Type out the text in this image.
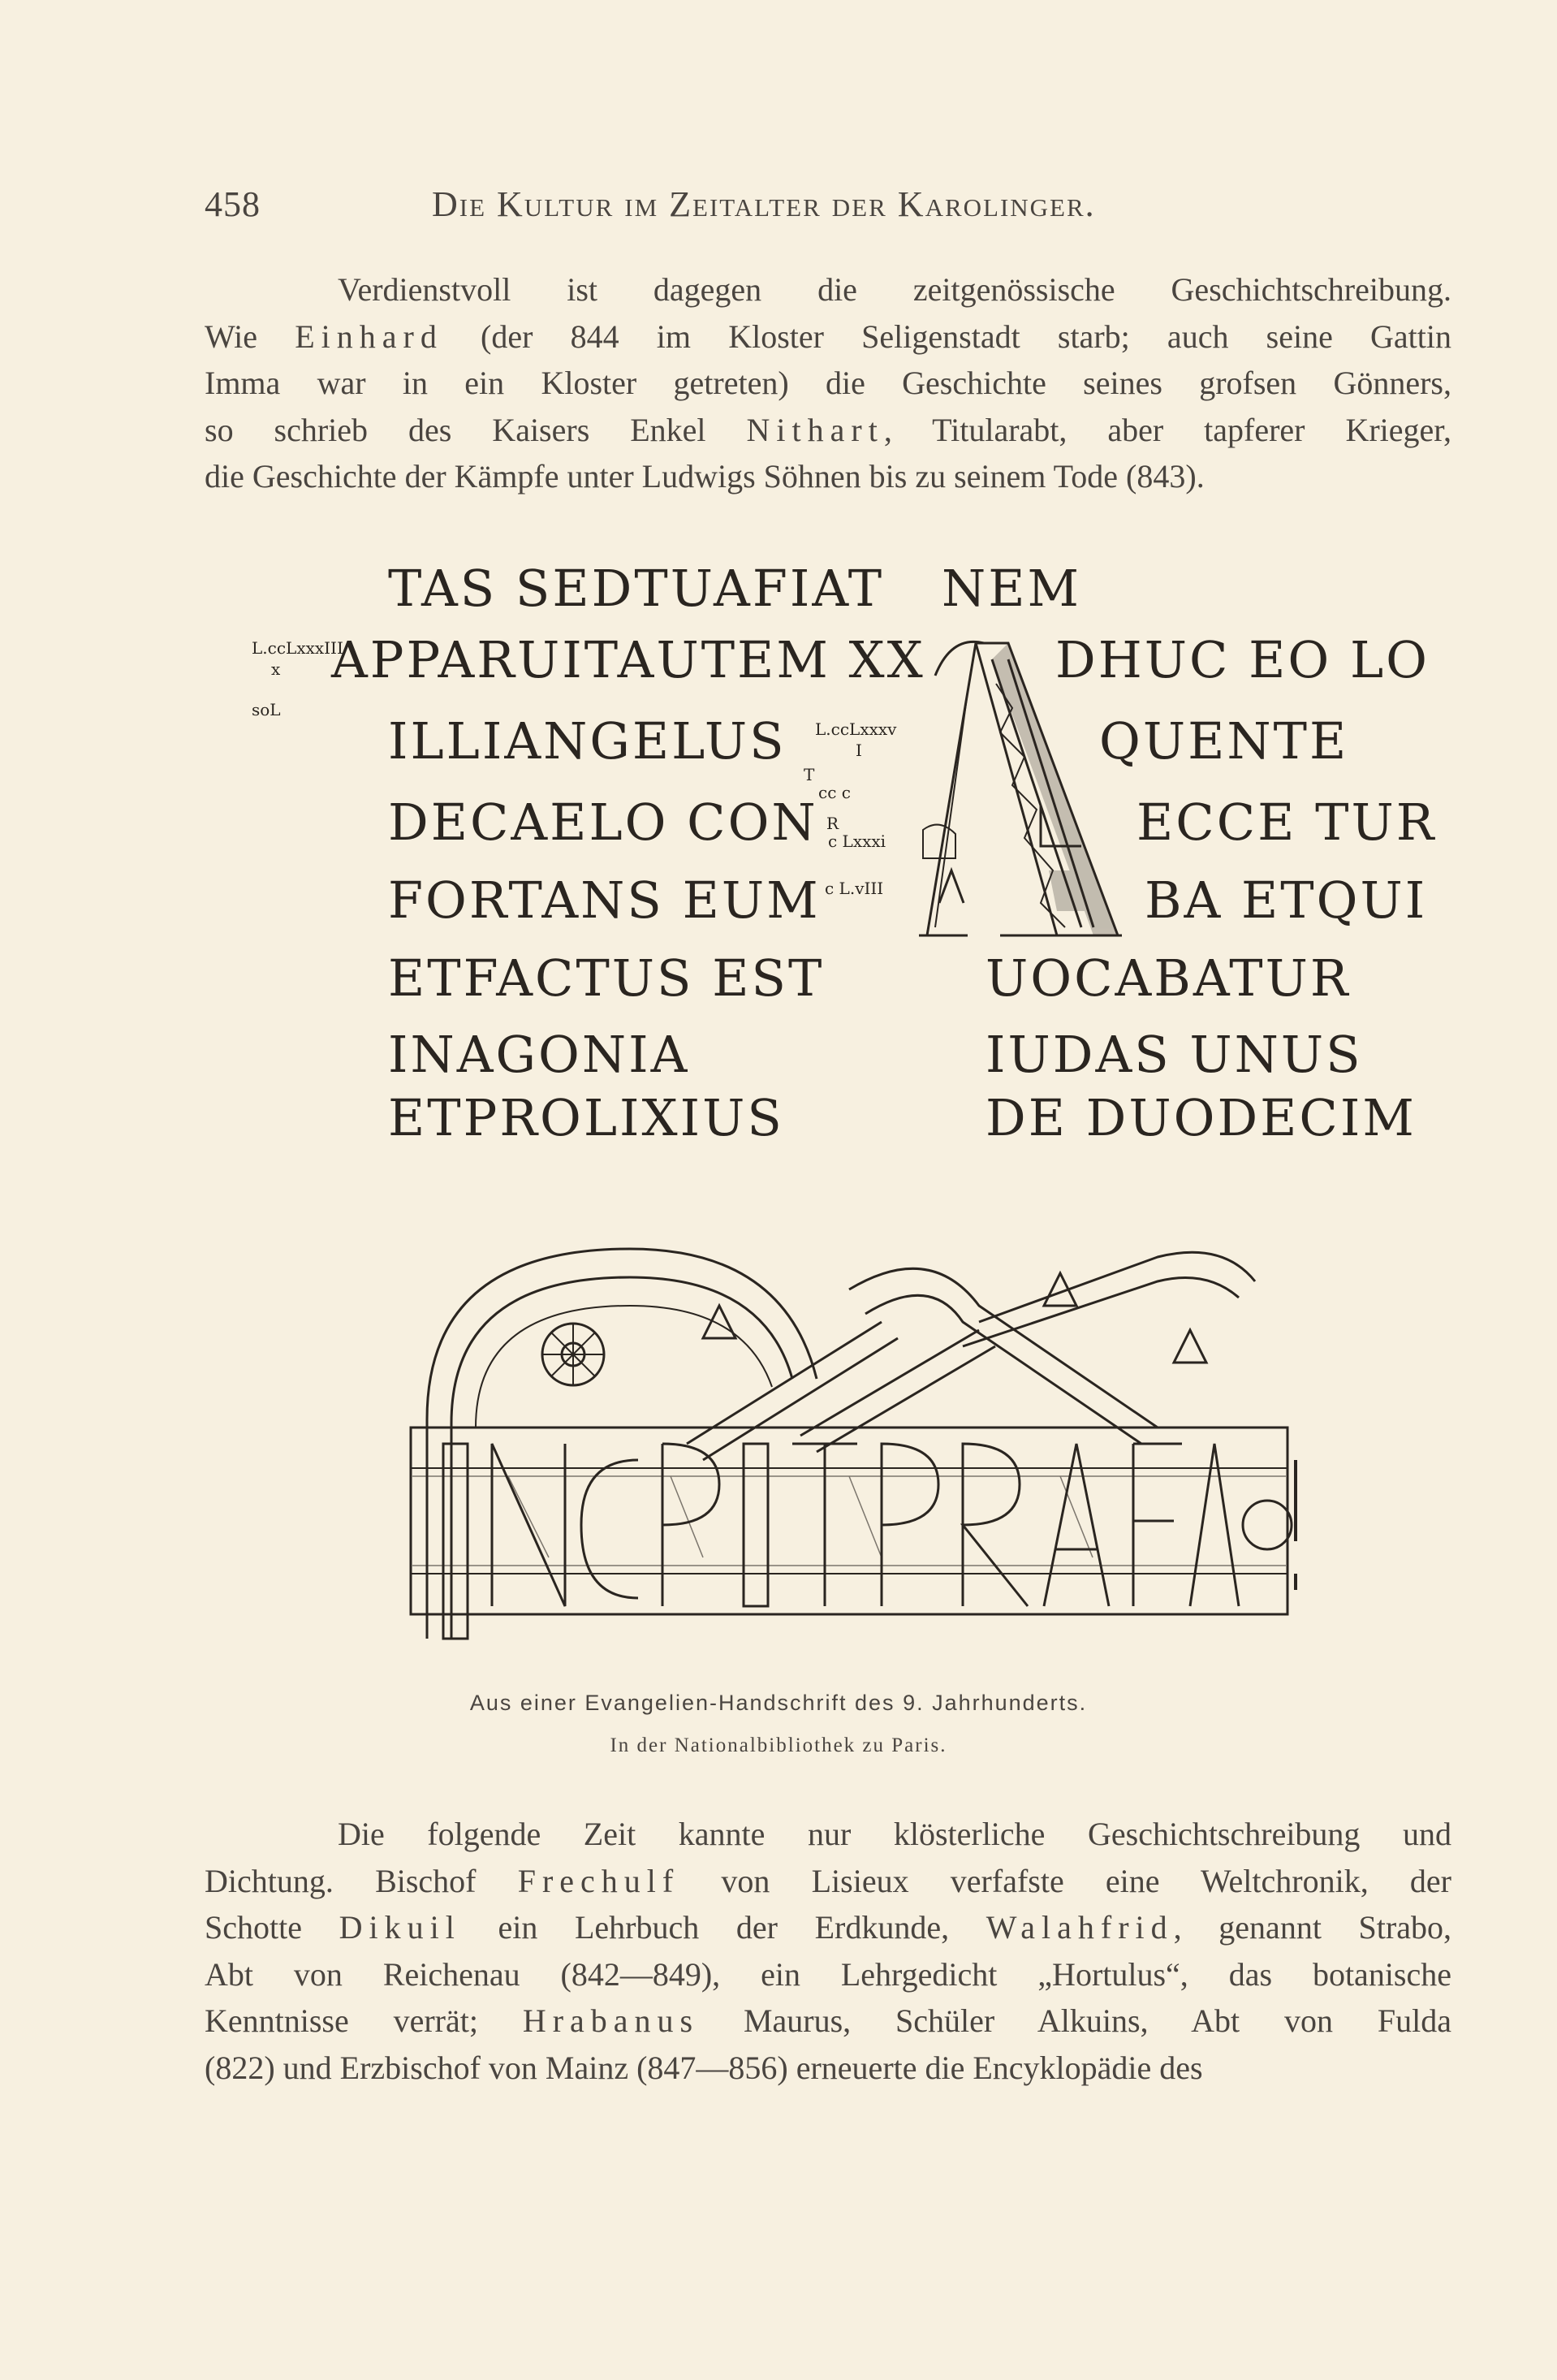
458	Die Kultur im Zeitalter der Karolinger.
Verdienstvoll ist dagegen die zeitgenössische Geschichtschreibung.
Wie Einhard (der 844 im Kloster Seligenstadt starb; auch seine Gattin
Imma war in ein Kloster getreten) die Geschichte seines grofsen Gönners,
so schrieb des Kaisers Enkel Nithart, Titularabt, aber tapferer Krieger,
die Geschichte der Kämpfe unter Ludwigs Söhnen bis zu seinem Tode (843).
TAS SEDTUAFIAT
APPARUITAUTEM XX
ILLIANGELUS
DECAELO CON
FORTANS EUM
ETFACTUS EST
INAGONIA
ETPROLIXIUS
L.ccLxxxIII
x
soL
L.ccLxxxv
I
T
cc c
R
c Lxxxi
c L.vIII
NEM
DHUC EO LO
QUENTE
ECCE TUR
BA ETQUI
UOCABATUR
IUDAS UNUS
DE DUODECIM
Aus einer Evangelien-Handschrift des 9. Jahrhunderts.
In der Nationalbibliothek zu Paris.
Die folgende Zeit kannte nur klösterliche Geschichtschreibung und
Dichtung. Bischof Frechulf von Lisieux verfafste eine Weltchronik, der
Schotte Dikuil ein Lehrbuch der Erdkunde, Walahfrid, genannt Strabo,
Abt von Reichenau (842—849), ein Lehrgedicht „Hortulus“, das botanische
Kenntnisse verrät; Hrabanus Maurus, Schüler Alkuins, Abt von Fulda
(822) und Erzbischof von Mainz (847—856) erneuerte die Encyklopädie des
